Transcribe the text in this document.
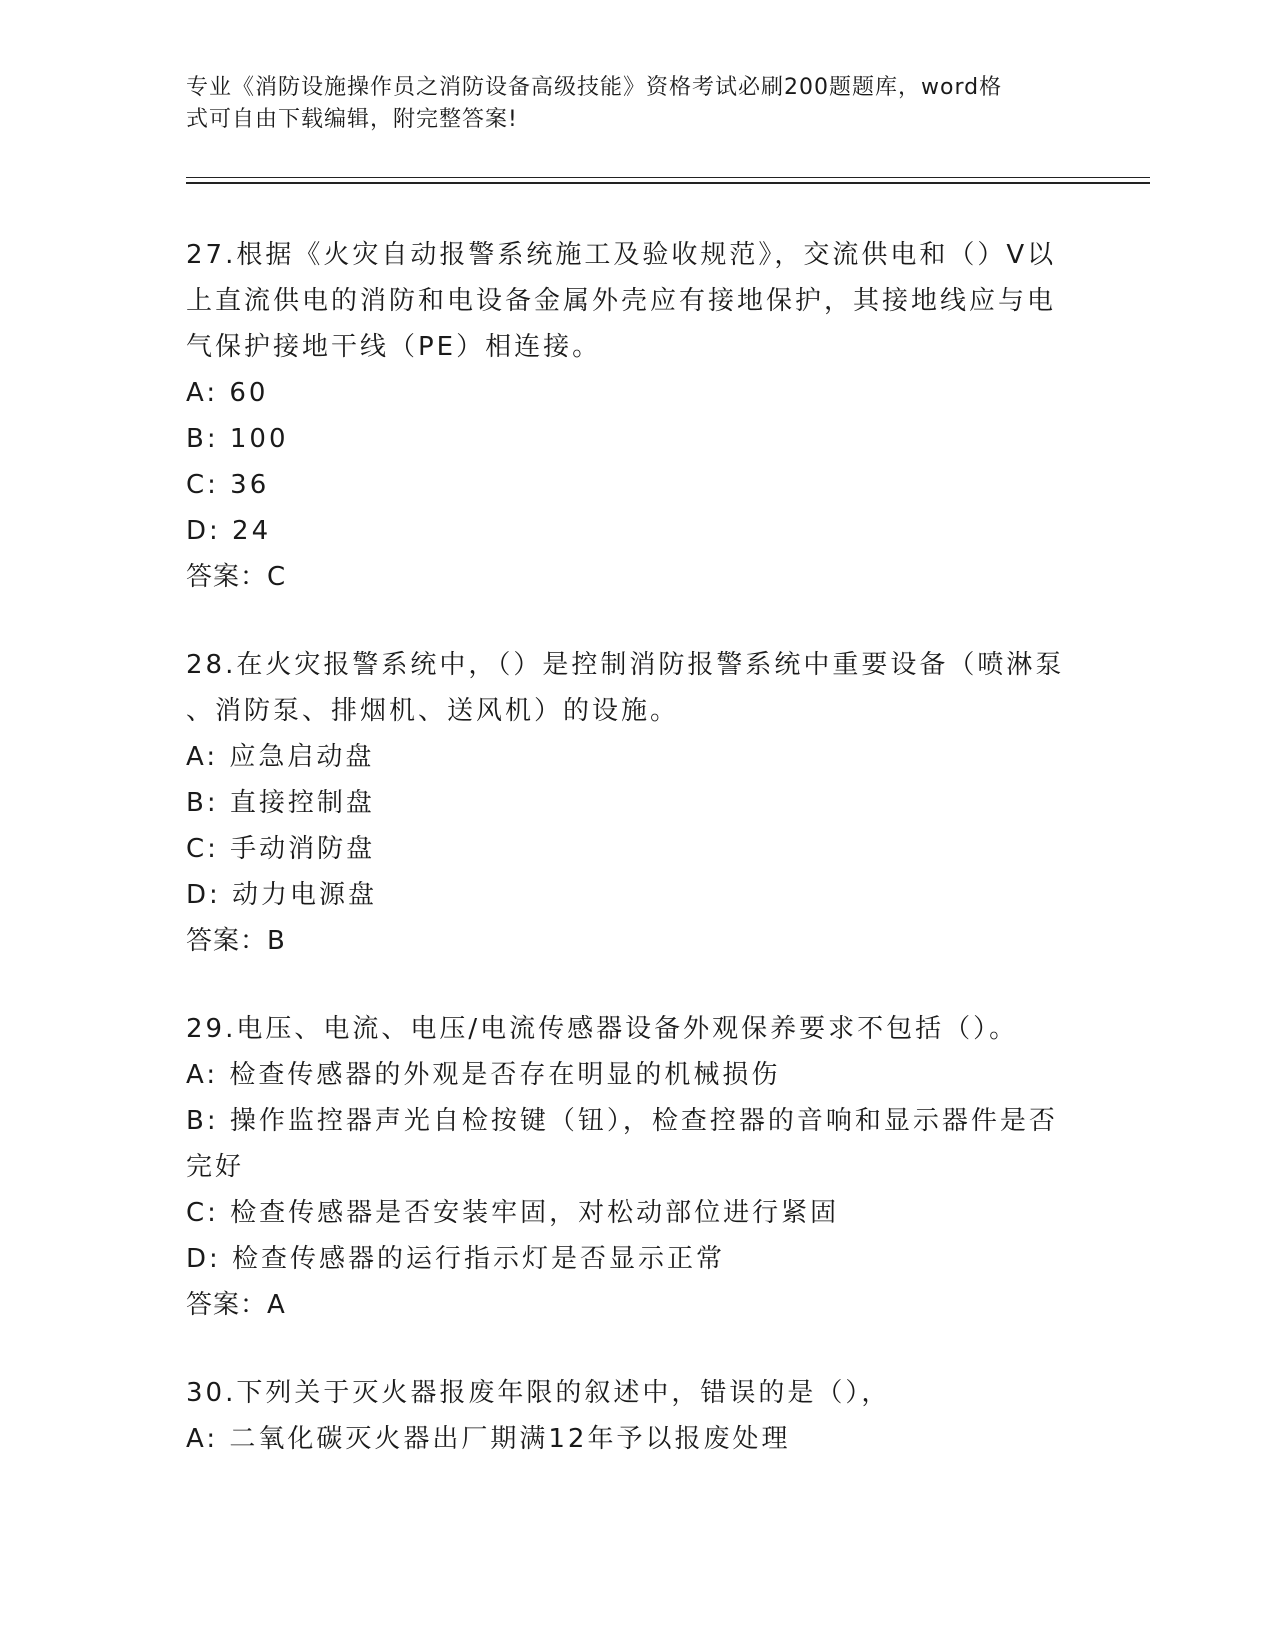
专业《消防设施操作员之消防设备高级技能》资格考试必刷200题题库，word格
式可自由下载编辑，附完整答案!
27.根据《火灾自动报警系统施工及验收规范》，交流供电和（）V以
上直流供电的消防和电设备金属外壳应有接地保护，其接地线应与电
气保护接地干线（PE）相连接。
A: 60
B: 100
C: 36
D: 24
答案：C
28.在火灾报警系统中，（）是控制消防报警系统中重要设备（喷淋泵
、消防泵、排烟机、送风机）的设施。
A: 应急启动盘
B: 直接控制盘
C: 手动消防盘
D: 动力电源盘
答案：B
29.电压、电流、电压/电流传感器设备外观保养要求不包括（）。
A: 检查传感器的外观是否存在明显的机械损伤
B: 操作监控器声光自检按键（钮），检查控器的音响和显示器件是否
完好
C: 检查传感器是否安装牢固，对松动部位进行紧固
D: 检查传感器的运行指示灯是否显示正常
答案：A
30.下列关于灭火器报废年限的叙述中，错误的是（），
A: 二氧化碳灭火器出厂期满12年予以报废处理
